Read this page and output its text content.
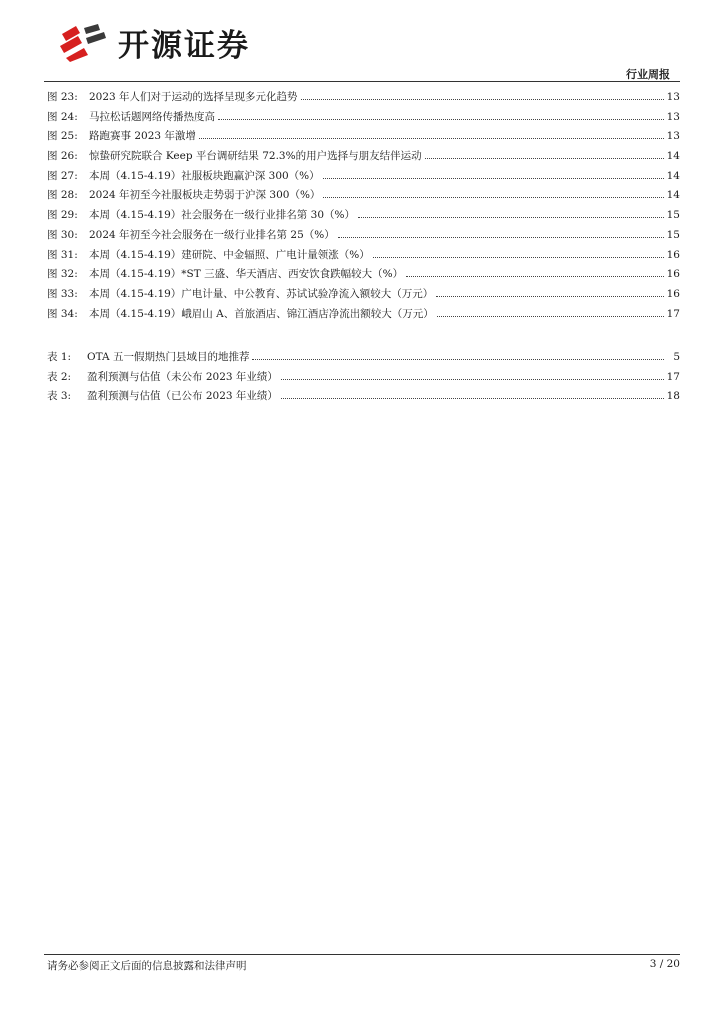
开源证券
行业周报
图 23:	2023 年人们对于运动的选择呈现多元化趋势	13
图 24:	马拉松话题网络传播热度高	13
图 25:	路跑赛事 2023 年激增	13
图 26:	惊蛰研究院联合 Keep 平台调研结果 72.3%的用户选择与朋友结伴运动	14
图 27:	本周（4.15-4.19）社服板块跑赢沪深 300（%）	14
图 28:	2024 年初至今社服板块走势弱于沪深 300（%）	14
图 29:	本周（4.15-4.19）社会服务在一级行业排名第 30（%）	15
图 30:	2024 年初至今社会服务在一级行业排名第 25（%）	15
图 31:	本周（4.15-4.19）建研院、中金辐照、广电计量领涨（%）	16
图 32:	本周（4.15-4.19）*ST 三盛、华天酒店、西安饮食跌幅较大（%）	16
图 33:	本周（4.15-4.19）广电计量、中公教育、苏试试验净流入额较大（万元）	16
图 34:	本周（4.15-4.19）峨眉山 A、首旅酒店、锦江酒店净流出额较大（万元）	17
表 1:	OTA 五一假期热门县域目的地推荐	5
表 2:	盈利预测与估值（未公布 2023 年业绩）	17
表 3:	盈利预测与估值（已公布 2023 年业绩）	18
请务必参阅正文后面的信息披露和法律声明	3 / 20
